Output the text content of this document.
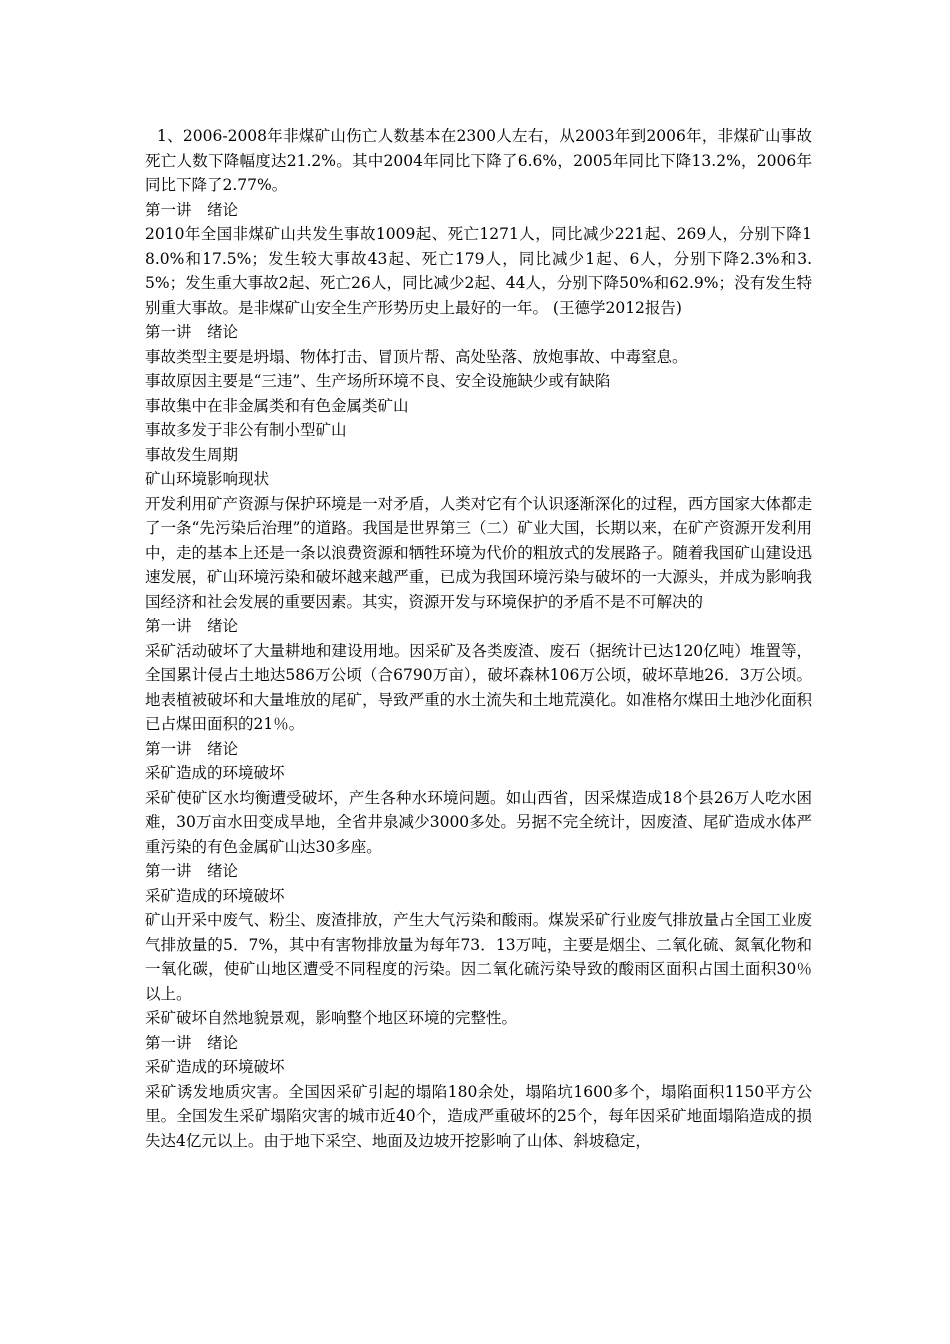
1、2006-2008年非煤矿山伤亡人数基本在2300人左右，从2003年到2006年，非煤矿山事故死亡人数下降幅度达21.2%。其中2004年同比下降了6.6%，2005年同比下降13.2%，2006年同比下降了2.77%。

第一讲　绪论

2010年全国非煤矿山共发生事故1009起、死亡1271人，同比减少221起、269人，分别下降18.0%和17.5%；发生较大事故43起、死亡179人，同比减少1起、6人，分别下降2.3%和3.5%；发生重大事故2起、死亡26人，同比减少2起、44人，分别下降50%和62.9%；没有发生特别重大事故。是非煤矿山安全生产形势历史上最好的一年。 (王德学2012报告)

第一讲　绪论

事故类型主要是坍塌、物体打击、冒顶片帮、高处坠落、放炮事故、中毒窒息。

事故原因主要是“三违”、生产场所环境不良、安全设施缺少或有缺陷

事故集中在非金属类和有色金属类矿山

事故多发于非公有制小型矿山

事故发生周期

矿山环境影响现状

开发利用矿产资源与保护环境是一对矛盾，人类对它有个认识逐渐深化的过程，西方国家大体都走了一条“先污染后治理”的道路。我国是世界第三（二）矿业大国，长期以来，在矿产资源开发利用中，走的基本上还是一条以浪费资源和牺牲环境为代价的粗放式的发展路子。随着我国矿山建设迅速发展，矿山环境污染和破坏越来越严重，已成为我国环境污染与破坏的一大源头，并成为影响我国经济和社会发展的重要因素。其实，资源开发与环境保护的矛盾不是不可解决的

第一讲　绪论

采矿活动破坏了大量耕地和建设用地。因采矿及各类废渣、废石（据统计已达120亿吨）堆置等，全国累计侵占土地达586万公顷（合6790万亩），破坏森林106万公顷，破坏草地26．3万公顷。地表植被破坏和大量堆放的尾矿，导致严重的水土流失和土地荒漠化。如准格尔煤田土地沙化面积已占煤田面积的21％。

第一讲　绪论

采矿造成的环境破坏

采矿使矿区水均衡遭受破坏，产生各种水环境问题。如山西省，因采煤造成18个县26万人吃水困难，30万亩水田变成旱地，全省井泉减少3000多处。另据不完全统计，因废渣、尾矿造成水体严重污染的有色金属矿山达30多座。

第一讲　绪论

采矿造成的环境破坏

矿山开采中废气、粉尘、废渣排放，产生大气污染和酸雨。煤炭采矿行业废气排放量占全国工业废气排放量的5．7%，其中有害物排放量为每年73．13万吨，主要是烟尘、二氧化硫、氮氧化物和一氧化碳，使矿山地区遭受不同程度的污染。因二氧化硫污染导致的酸雨区面积占国土面积30％以上。

采矿破坏自然地貌景观，影响整个地区环境的完整性。

第一讲　绪论

采矿造成的环境破坏

采矿诱发地质灾害。全国因采矿引起的塌陷180余处，塌陷坑1600多个，塌陷面积1150平方公里。全国发生采矿塌陷灾害的城市近40个，造成严重破坏的25个，每年因采矿地面塌陷造成的损失达4亿元以上。由于地下采空、地面及边坡开挖影响了山体、斜坡稳定，
